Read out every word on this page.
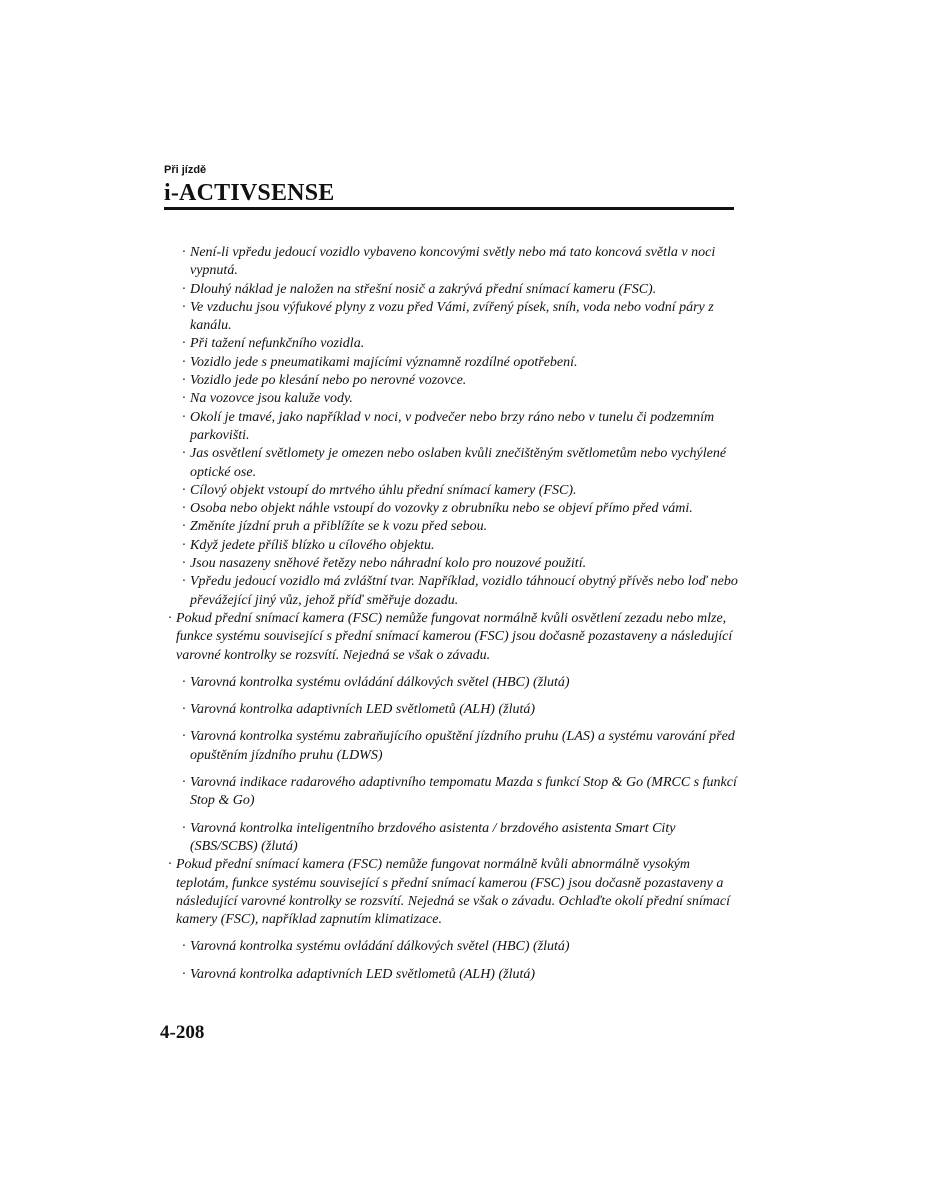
Při jízdě
i-ACTIVSENSE
· Není-li vpředu jedoucí vozidlo vybaveno koncovými světly nebo má tato koncová světla v noci vypnutá.
· Dlouhý náklad je naložen na střešní nosič a zakrývá přední snímací kameru (FSC).
· Ve vzduchu jsou výfukové plyny z vozu před Vámi, zvířený písek, sníh, voda nebo vodní páry z kanálu.
· Při tažení nefunkčního vozidla.
· Vozidlo jede s pneumatikami majícími významně rozdílné opotřebení.
· Vozidlo jede po klesání nebo po nerovné vozovce.
· Na vozovce jsou kaluže vody.
· Okolí je tmavé, jako například v noci, v podvečer nebo brzy ráno nebo v tunelu či podzemním parkovišti.
· Jas osvětlení světlomety je omezen nebo oslaben kvůli znečištěným světlometům nebo vychýlené optické ose.
· Cílový objekt vstoupí do mrtvého úhlu přední snímací kamery (FSC).
· Osoba nebo objekt náhle vstoupí do vozovky z obrubníku nebo se objeví přímo před vámi.
· Změníte jízdní pruh a přiblížíte se k vozu před sebou.
· Když jedete příliš blízko u cílového objektu.
· Jsou nasazeny sněhové řetězy nebo náhradní kolo pro nouzové použití.
· Vpředu jedoucí vozidlo má zvláštní tvar. Například, vozidlo táhnoucí obytný přívěs nebo loď nebo převážející jiný vůz, jehož příď směřuje dozadu.
· Pokud přední snímací kamera (FSC) nemůže fungovat normálně kvůli osvětlení zezadu nebo mlze, funkce systému související s přední snímací kamerou (FSC) jsou dočasně pozastaveny a následující varovné kontrolky se rozsvítí. Nejedná se však o závadu.
· Varovná kontrolka systému ovládání dálkových světel (HBC) (žlutá)
· Varovná kontrolka adaptivních LED světlometů (ALH) (žlutá)
· Varovná kontrolka systému zabraňujícího opuštění jízdního pruhu (LAS) a systému varování před opuštěním jízdního pruhu (LDWS)
· Varovná indikace radarového adaptivního tempomatu Mazda s funkcí Stop & Go (MRCC s funkcí Stop & Go)
· Varovná kontrolka inteligentního brzdového asistenta / brzdového asistenta Smart City (SBS/SCBS) (žlutá)
· Pokud přední snímací kamera (FSC) nemůže fungovat normálně kvůli abnormálně vysokým teplotám, funkce systému související s přední snímací kamerou (FSC) jsou dočasně pozastaveny a následující varovné kontrolky se rozsvítí. Nejedná se však o závadu. Ochlaďte okolí přední snímací kamery (FSC), například zapnutím klimatizace.
· Varovná kontrolka systému ovládání dálkových světel (HBC) (žlutá)
· Varovná kontrolka adaptivních LED světlometů (ALH) (žlutá)
4-208
